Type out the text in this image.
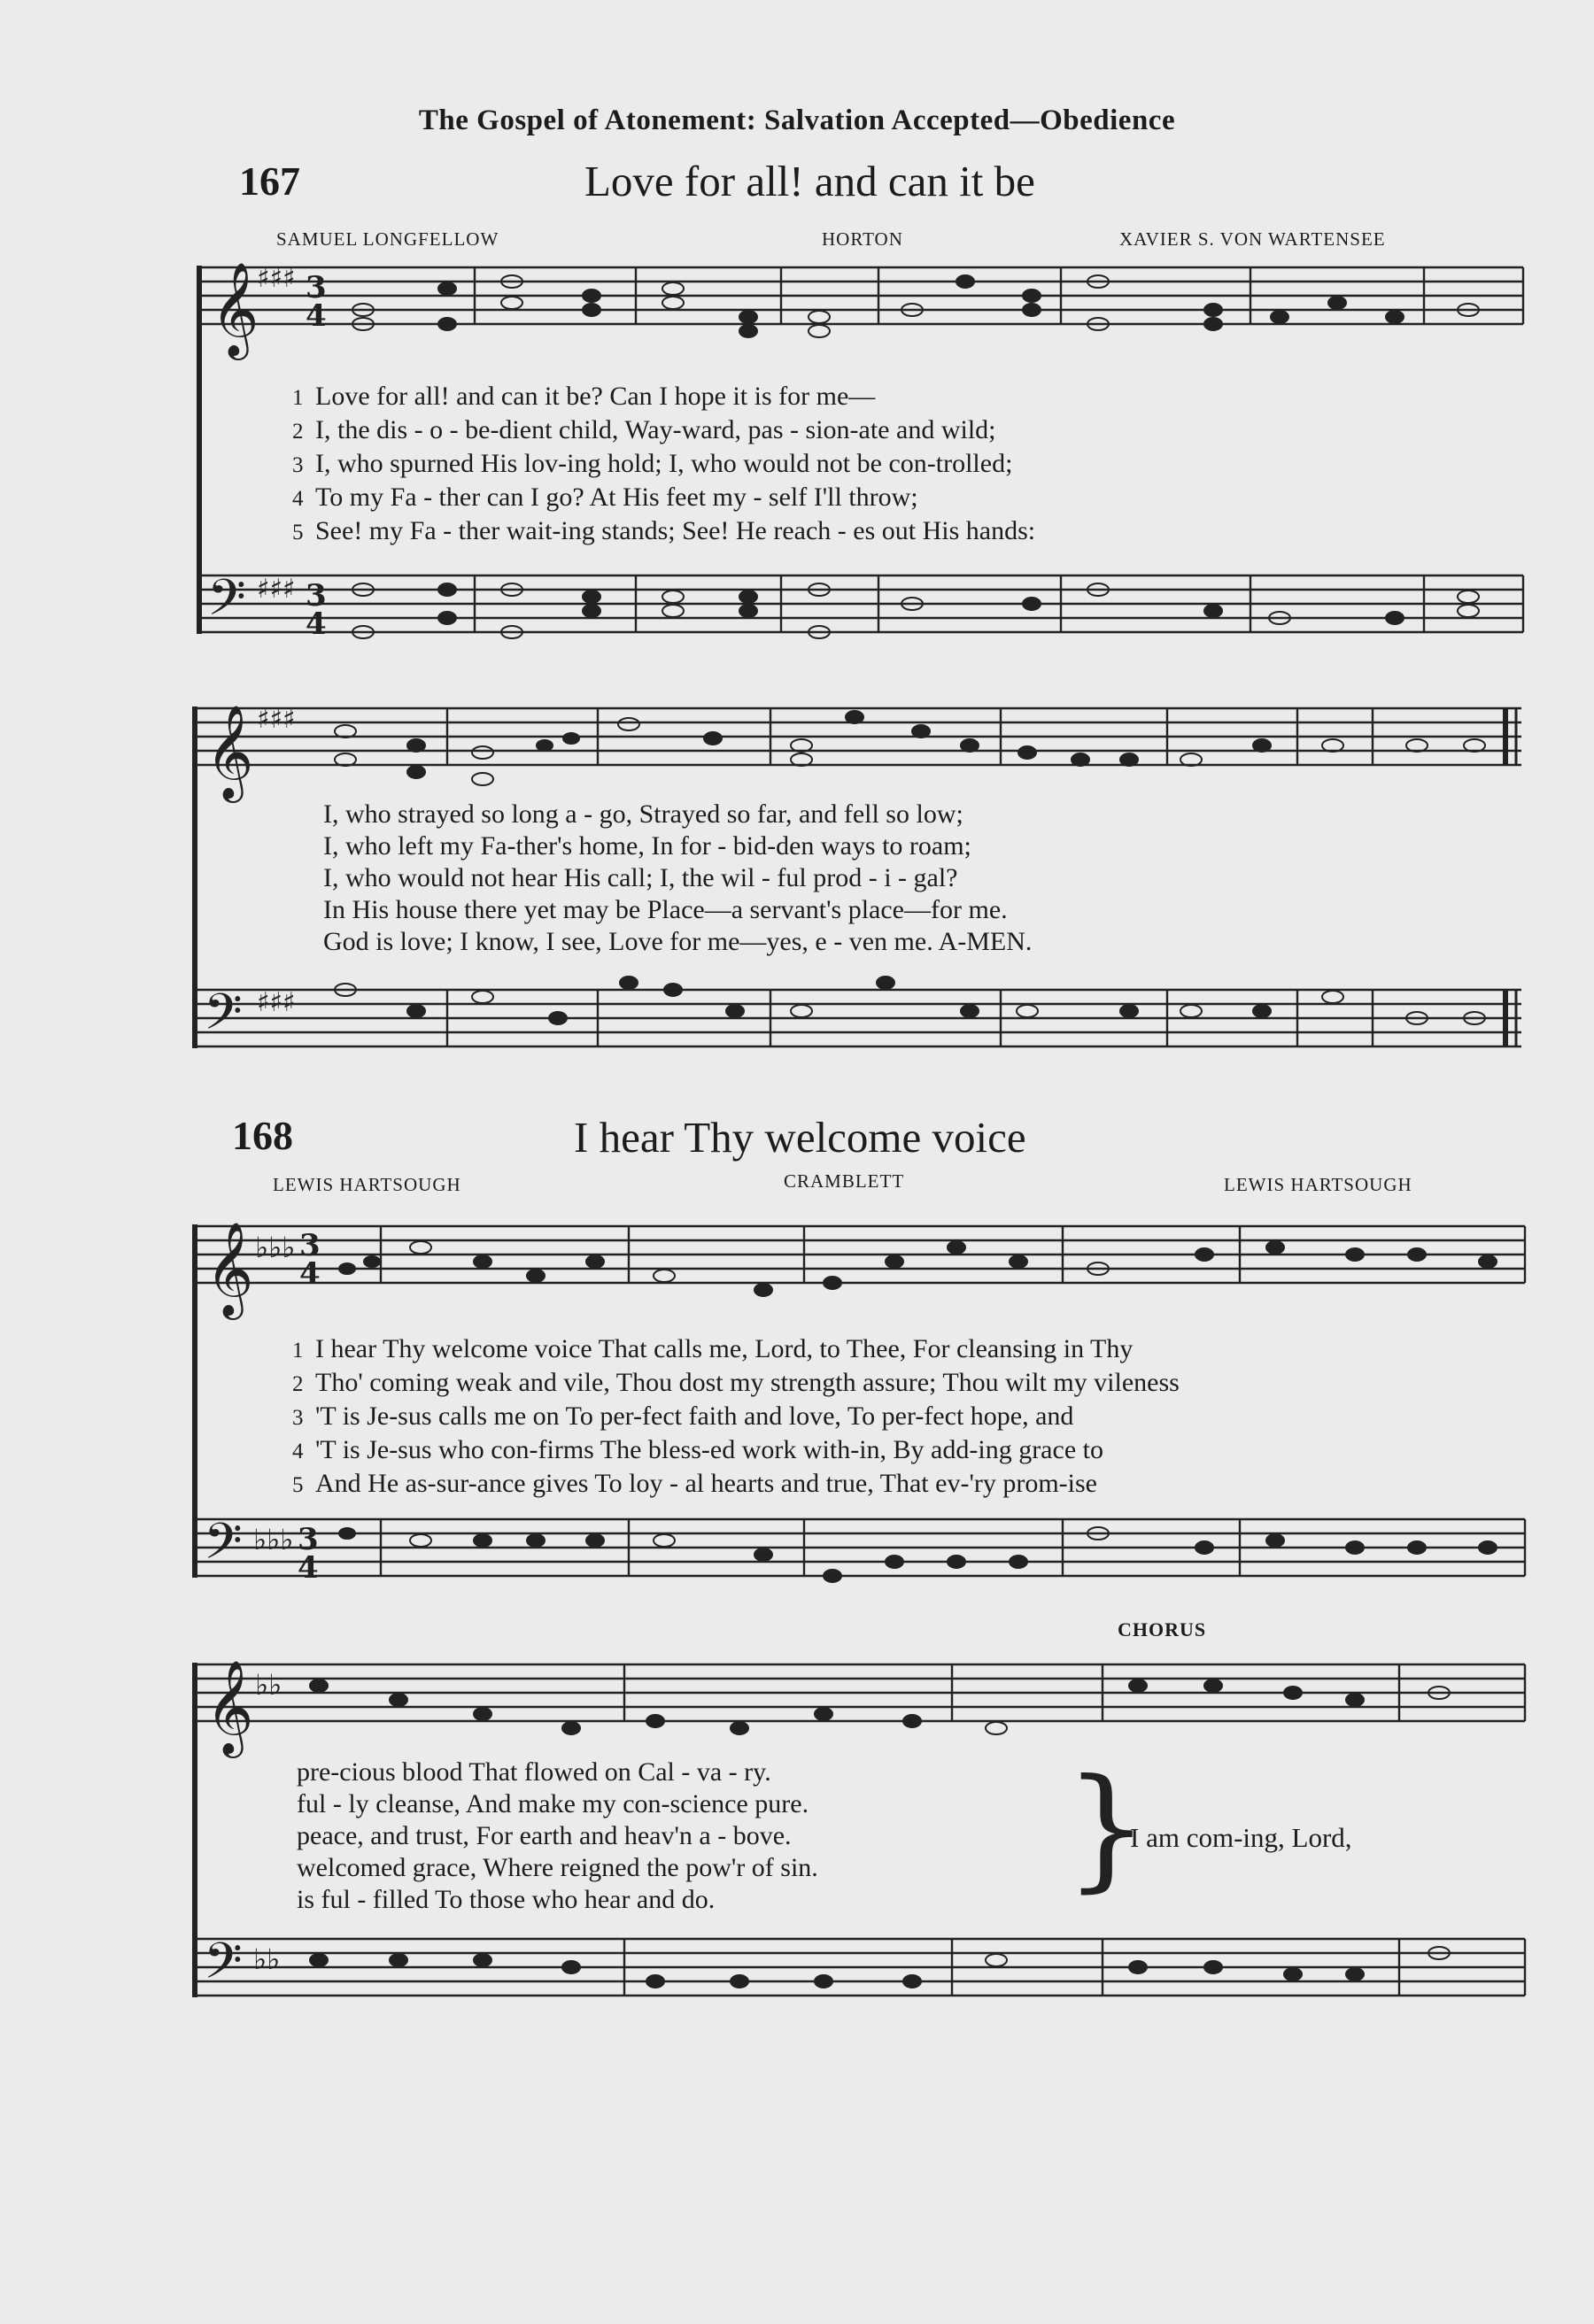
The Gospel of Atonement: Salvation Accepted—Obedience
𝄞
𝄢
𝄞
𝄢
𝄞
𝄢
𝄞
𝄢
♯♯♯
♯♯♯
♯♯♯
♯♯♯
♭♭♭
♭♭♭
♭♭
♭♭
3
4
3
4
3
4
3
4
167	Love for all! and can it be
SAMUEL LONGFELLOW	HORTON	XAVIER S. VON WARTENSEE
1 Love for all! and can it be? Can I hope it is for me—
2 I, the dis - o - be-dient child, Way-ward, pas - sion-ate and wild;
3 I, who spurned His lov-ing hold; I, who would not be con-trolled;
4 To my Fa - ther can I go? At His feet my - self I'll throw;
5 See! my Fa - ther wait-ing stands; See! He reach - es out His hands:
I, who strayed so long a - go, Strayed so far, and fell so low;
I, who left my Fa-ther's home, In for - bid-den ways to roam;
I, who would not hear His call; I, the wil - ful prod - i - gal?
In His house there yet may be Place—a servant's place—for me.
God is love; I know, I see, Love for me—yes, e - ven me. A-MEN.
168	I hear Thy welcome voice
LEWIS HARTSOUGH	CRAMBLETT	LEWIS HARTSOUGH
1 I hear Thy welcome voice That calls me, Lord, to Thee, For cleansing in Thy
2 Tho' coming weak and vile, Thou dost my strength assure; Thou wilt my vileness
3 'T is Je-sus calls me on To per-fect faith and love, To per-fect hope, and
4 'T is Je-sus who con-firms The bless-ed work with-in, By add-ing grace to
5 And He as-sur-ance gives To loy - al hearts and true, That ev-'ry prom-ise
CHORUS
pre-cious blood That flowed on Cal - va - ry.
ful - ly cleanse, And make my con-science pure.
peace, and trust, For earth and heav'n a - bove.
welcomed grace, Where reigned the pow'r of sin.
is ful - filled To those who hear and do.	}
I am com-ing, Lord,
